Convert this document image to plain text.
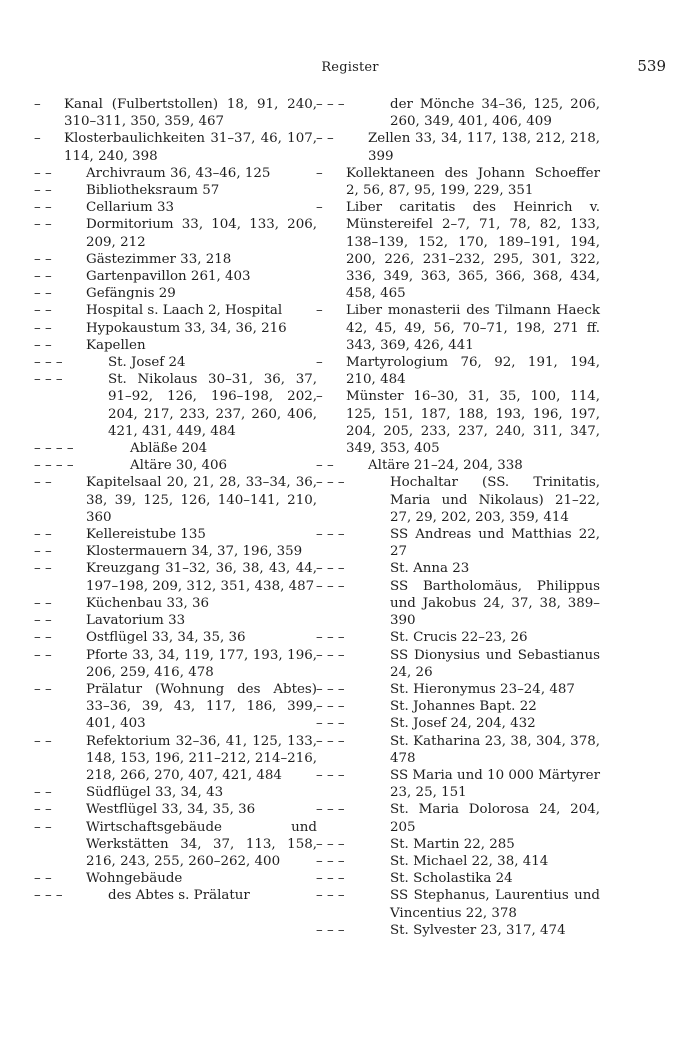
Register	539
–	Kanal (Fulbertstollen) 18, 91, 240, 310–311, 350, 359, 467
–	Klosterbaulichkeiten 31–37, 46, 107, 114, 240, 398
– –	Archivraum 36, 43–46, 125
– –	Bibliotheksraum 57
– –	Cellarium 33
– –	Dormitorium 33, 104, 133, 206, 209, 212
– –	Gästezimmer 33, 218
– –	Gartenpavillon 261, 403
– –	Gefängnis 29
– –	Hospital s. Laach 2, Hospital
– –	Hypokaustum 33, 34, 36, 216
– –	Kapellen
– – –	St. Josef 24
– – –	St. Nikolaus 30–31, 36, 37, 91–92, 126, 196–198, 202, 204, 217, 233, 237, 260, 406, 421, 431, 449, 484
– – – –	Abläße 204
– – – –	Altäre 30, 406
– –	Kapitelsaal 20, 21, 28, 33–34, 36, 38, 39, 125, 126, 140–141, 210, 360
– –	Kellereistube 135
– –	Klostermauern 34, 37, 196, 359
– –	Kreuzgang 31–32, 36, 38, 43, 44, 197–198, 209, 312, 351, 438, 487
– –	Küchenbau 33, 36
– –	Lavatorium 33
– –	Ostflügel 33, 34, 35, 36
– –	Pforte 33, 34, 119, 177, 193, 196, 206, 259, 416, 478
– –	Prälatur (Wohnung des Abtes) 33–36, 39, 43, 117, 186, 399, 401, 403
– –	Refektorium 32–36, 41, 125, 133, 148, 153, 196, 211–212, 214–216, 218, 266, 270, 407, 421, 484
– –	Südflügel 33, 34, 43
– –	Westflügel 33, 34, 35, 36
– –	Wirtschaftsgebäude und Werkstätten 34, 37, 113, 158, 216, 243, 255, 260–262, 400
– –	Wohngebäude
– – –	des Abtes s. Prälatur
– – –	der Mönche 34–36, 125, 206, 260, 349, 401, 406, 409
– –	Zellen 33, 34, 117, 138, 212, 218, 399
–	Kollektaneen des Johann Schoeffer 2, 56, 87, 95, 199, 229, 351
–	Liber caritatis des Heinrich v. Münstereifel 2–7, 71, 78, 82, 133, 138–139, 152, 170, 189–191, 194, 200, 226, 231–232, 295, 301, 322, 336, 349, 363, 365, 366, 368, 434, 458, 465
–	Liber monasterii des Tilmann Haeck 42, 45, 49, 56, 70–71, 198, 271 ff. 343, 369, 426, 441
–	Martyrologium 76, 92, 191, 194, 210, 484
–	Münster 16–30, 31, 35, 100, 114, 125, 151, 187, 188, 193, 196, 197, 204, 205, 233, 237, 240, 311, 347, 349, 353, 405
– –	Altäre 21–24, 204, 338
– – –	Hochaltar (SS. Trinitatis, Maria und Nikolaus) 21–22, 27, 29, 202, 203, 359, 414
– – –	SS Andreas und Matthias 22, 27
– – –	St. Anna 23
– – –	SS Bartholomäus, Philippus und Jakobus 24, 37, 38, 389–390
– – –	St. Crucis 22–23, 26
– – –	SS Dionysius und Sebastianus 24, 26
– – –	St. Hieronymus 23–24, 487
– – –	St. Johannes Bapt. 22
– – –	St. Josef 24, 204, 432
– – –	St. Katharina 23, 38, 304, 378, 478
– – –	SS Maria und 10 000 Märtyrer 23, 25, 151
– – –	St. Maria Dolorosa 24, 204, 205
– – –	St. Martin 22, 285
– – –	St. Michael 22, 38, 414
– – –	St. Scholastika 24
– – –	SS Stephanus, Laurentius und Vincentius 22, 378
– – –	St. Sylvester 23, 317, 474
